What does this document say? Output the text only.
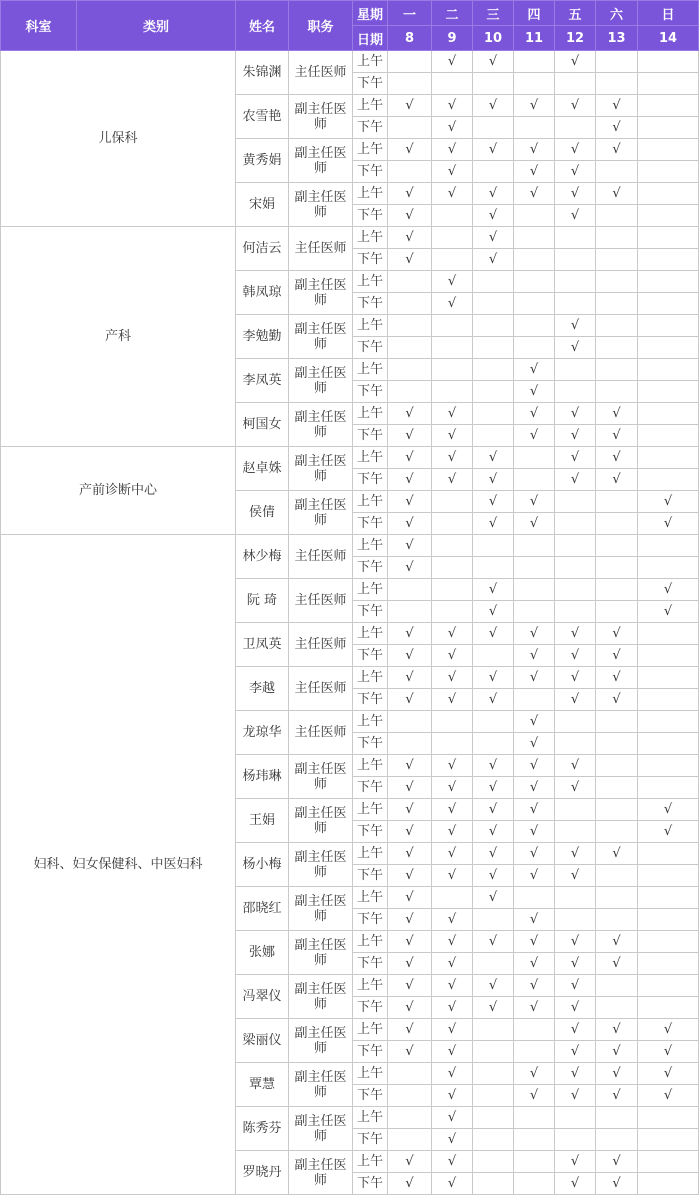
科室	类别	姓名	职务	星期	一	二	三	四	五	六	日
				日期	8	9	10	11	12	13	14
儿保科		朱锦渊	主任医师	上午		√	√		√		
				下午							
		农雪艳	副主任医师	上午	√	√	√	√	√	√	
				下午		√				√	
		黄秀娟	副主任医师	上午	√	√	√	√	√	√	
				下午		√		√	√		
		宋娟	副主任医师	上午	√	√	√	√	√	√	
				下午	√		√		√		
产科		何洁云	主任医师	上午	√		√				
				下午	√		√				
		韩凤琼	副主任医师	上午		√					
				下午		√					
		李勉勤	副主任医师	上午					√		
				下午					√		
		李凤英	副主任医师	上午				√			
				下午				√			
		柯国女	副主任医师	上午	√	√		√	√	√	
				下午	√	√		√	√	√	
产前诊断中心		赵卓姝	副主任医师	上午	√	√	√		√	√	
				下午	√	√	√		√	√	
		侯倩	副主任医师	上午	√		√	√			√
				下午	√		√	√			√
妇科、妇女保健科、中医妇科		林少梅	主任医师	上午	√						
				下午	√						
		阮 琦	主任医师	上午			√				√
				下午			√				√
		卫凤英	主任医师	上午	√	√	√	√	√	√	
				下午	√	√		√	√	√	
		李越	主任医师	上午	√	√	√	√	√	√	
				下午	√	√	√		√	√	
		龙琼华	主任医师	上午				√			
				下午				√			
		杨玮琳	副主任医师	上午	√	√	√	√	√		
				下午	√	√	√	√	√		
		王娟	副主任医师	上午	√	√	√	√			√
				下午	√	√	√	√			√
		杨小梅	副主任医师	上午	√	√	√	√	√	√	
				下午	√	√	√	√	√		
		邵晓红	副主任医师	上午	√		√				
				下午	√	√		√			
		张娜	副主任医师	上午	√	√	√	√	√	√	
				下午	√	√		√	√	√	
		冯翠仪	副主任医师	上午	√	√	√	√	√		
				下午	√	√	√	√	√		
		梁丽仪	副主任医师	上午	√	√			√	√	√
				下午	√	√			√	√	√
		覃慧	副主任医师	上午		√		√	√	√	√
				下午		√		√	√	√	√
		陈秀芬	副主任医师	上午		√					
				下午		√					
		罗晓丹	副主任医师	上午	√	√			√	√	
				下午	√	√			√	√	
